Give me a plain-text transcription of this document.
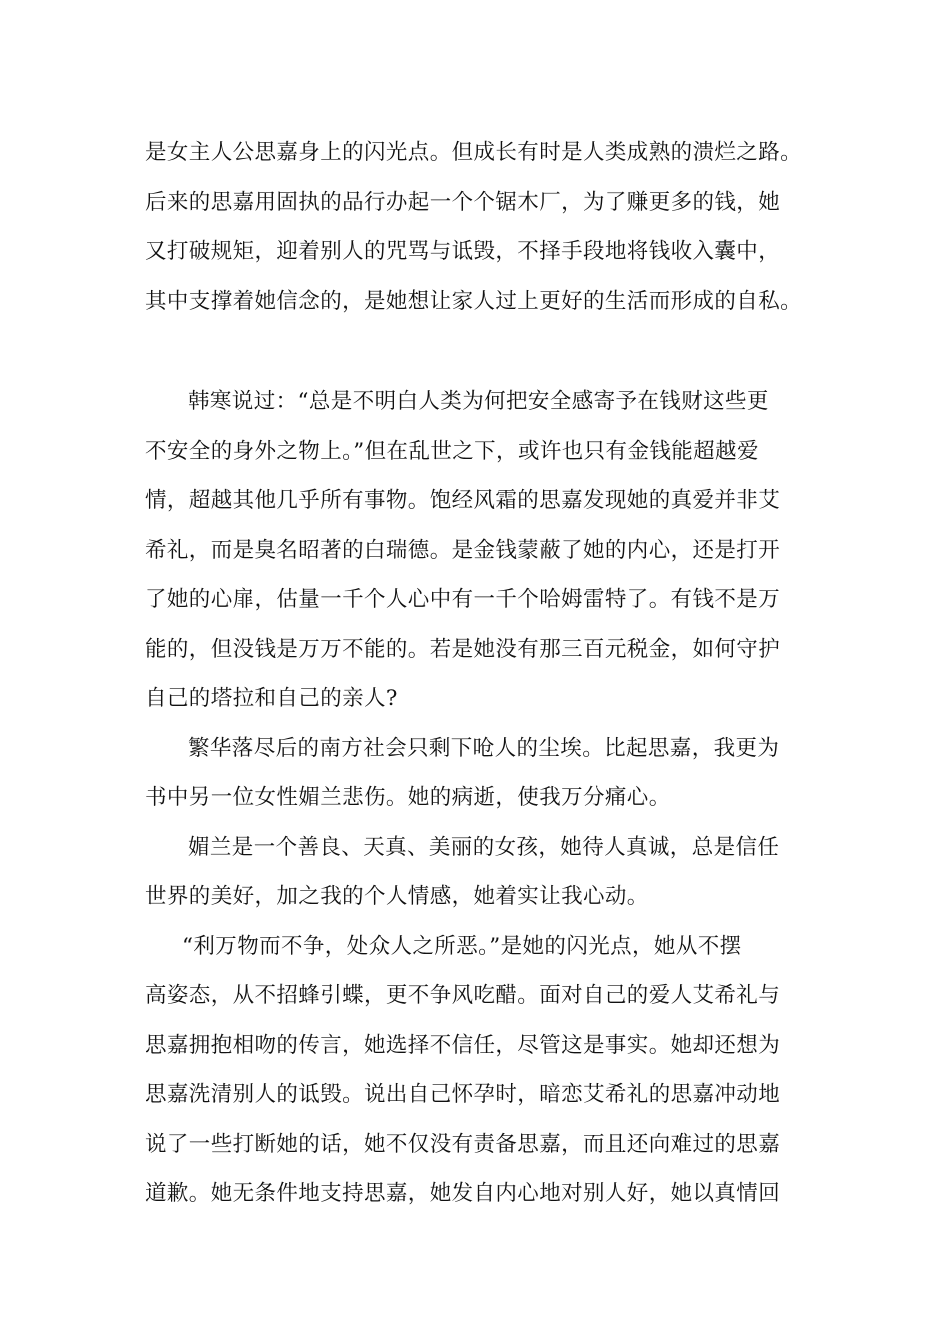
是女主人公思嘉身上的闪光点。但成长有时是人类成熟的溃烂之路。
后来的思嘉用固执的品行办起一个个锯木厂，为了赚更多的钱，她
又打破规矩，迎着别人的咒骂与诋毁，不择手段地将钱收入囊中，
其中支撑着她信念的，是她想让家人过上更好的生活而形成的自私。
韩寒说过：“总是不明白人类为何把安全感寄予在钱财这些更
不安全的身外之物上。”但在乱世之下，或许也只有金钱能超越爱
情，超越其他几乎所有事物。饱经风霜的思嘉发现她的真爱并非艾
希礼，而是臭名昭著的白瑞德。是金钱蒙蔽了她的内心，还是打开
了她的心扉，估量一千个人心中有一千个哈姆雷特了。有钱不是万
能的，但没钱是万万不能的。若是她没有那三百元税金，如何守护
自己的塔拉和自己的亲人?
繁华落尽后的南方社会只剩下呛人的尘埃。比起思嘉，我更为
书中另一位女性媚兰悲伤。她的病逝，使我万分痛心。
媚兰是一个善良、天真、美丽的女孩，她待人真诚，总是信任
世界的美好，加之我的个人情感，她着实让我心动。
“利万物而不争，处众人之所恶。”是她的闪光点，她从不摆
高姿态，从不招蜂引蝶，更不争风吃醋。面对自己的爱人艾希礼与
思嘉拥抱相吻的传言，她选择不信任，尽管这是事实。她却还想为
思嘉洗清别人的诋毁。说出自己怀孕时，暗恋艾希礼的思嘉冲动地
说了一些打断她的话，她不仅没有责备思嘉，而且还向难过的思嘉
道歉。她无条件地支持思嘉，她发自内心地对别人好，她以真情回
